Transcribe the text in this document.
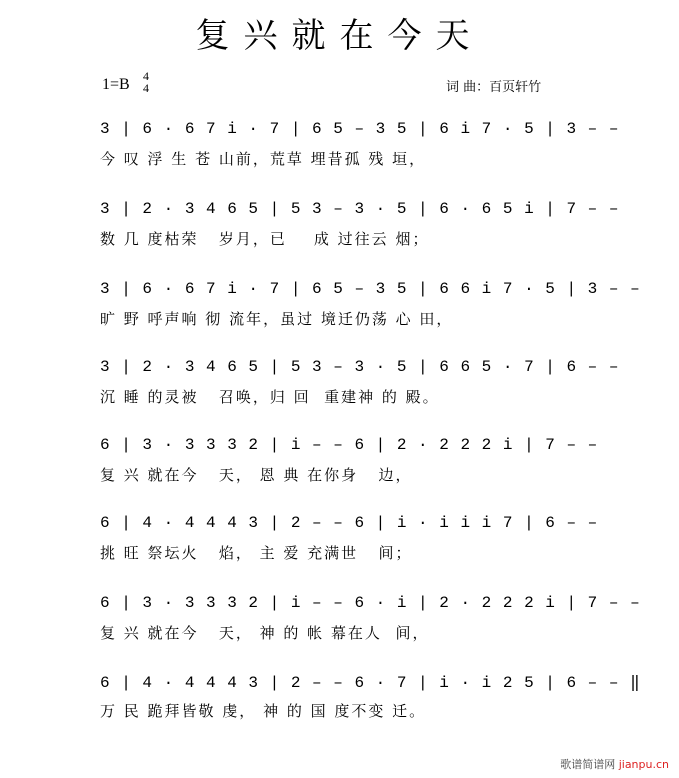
复兴就在今天
1=B 4
4	词 曲：百页轩竹
3 | 6 · 6 7 i · 7 | 6 5 – 3 5 | 6 i 7 · 5 | 3 – –
今 叹 浮 生 苍 山前，荒草 埋昔孤 残 垣，
3 | 2 · 3 4 6 5 | 5 3 – 3 · 5 | 6 · 6 5 i | 7 – –
数 几 度枯荣   岁月，已    成 过往云 烟；
3 | 6 · 6 7 i · 7 | 6 5 – 3 5 | 6 6 i 7 · 5 | 3 – –
旷 野 呼声响 彻 流年，虽过 境迁仍荡 心 田，
3 | 2 · 3 4 6 5 | 5 3 – 3 · 5 | 6 6 5 · 7 | 6 – –
沉 睡 的灵被   召唤，归 回  重建神 的 殿。
6 | 3 · 3 3 3 2 | i – – 6 | 2 · 2 2 2 i | 7 – –
复 兴 就在今   天， 恩 典 在你身   边，
6 | 4 · 4 4 4 3 | 2 – – 6 | i · i i i 7 | 6 – –
挑 旺 祭坛火   焰， 主 爱 充满世   间；
6 | 3 · 3 3 3 2 | i – – 6 · i | 2 · 2 2 2 i | 7 – –
复 兴 就在今   天， 神 的 帐 幕在人  间，
6 | 4 · 4 4 4 3 | 2 – – 6 · 7 | i · i 2 5 | 6 – – ‖
万 民 跪拜皆敬 虔， 神 的 国 度不变 迁。
歌谱简谱网 jianpu.cn
